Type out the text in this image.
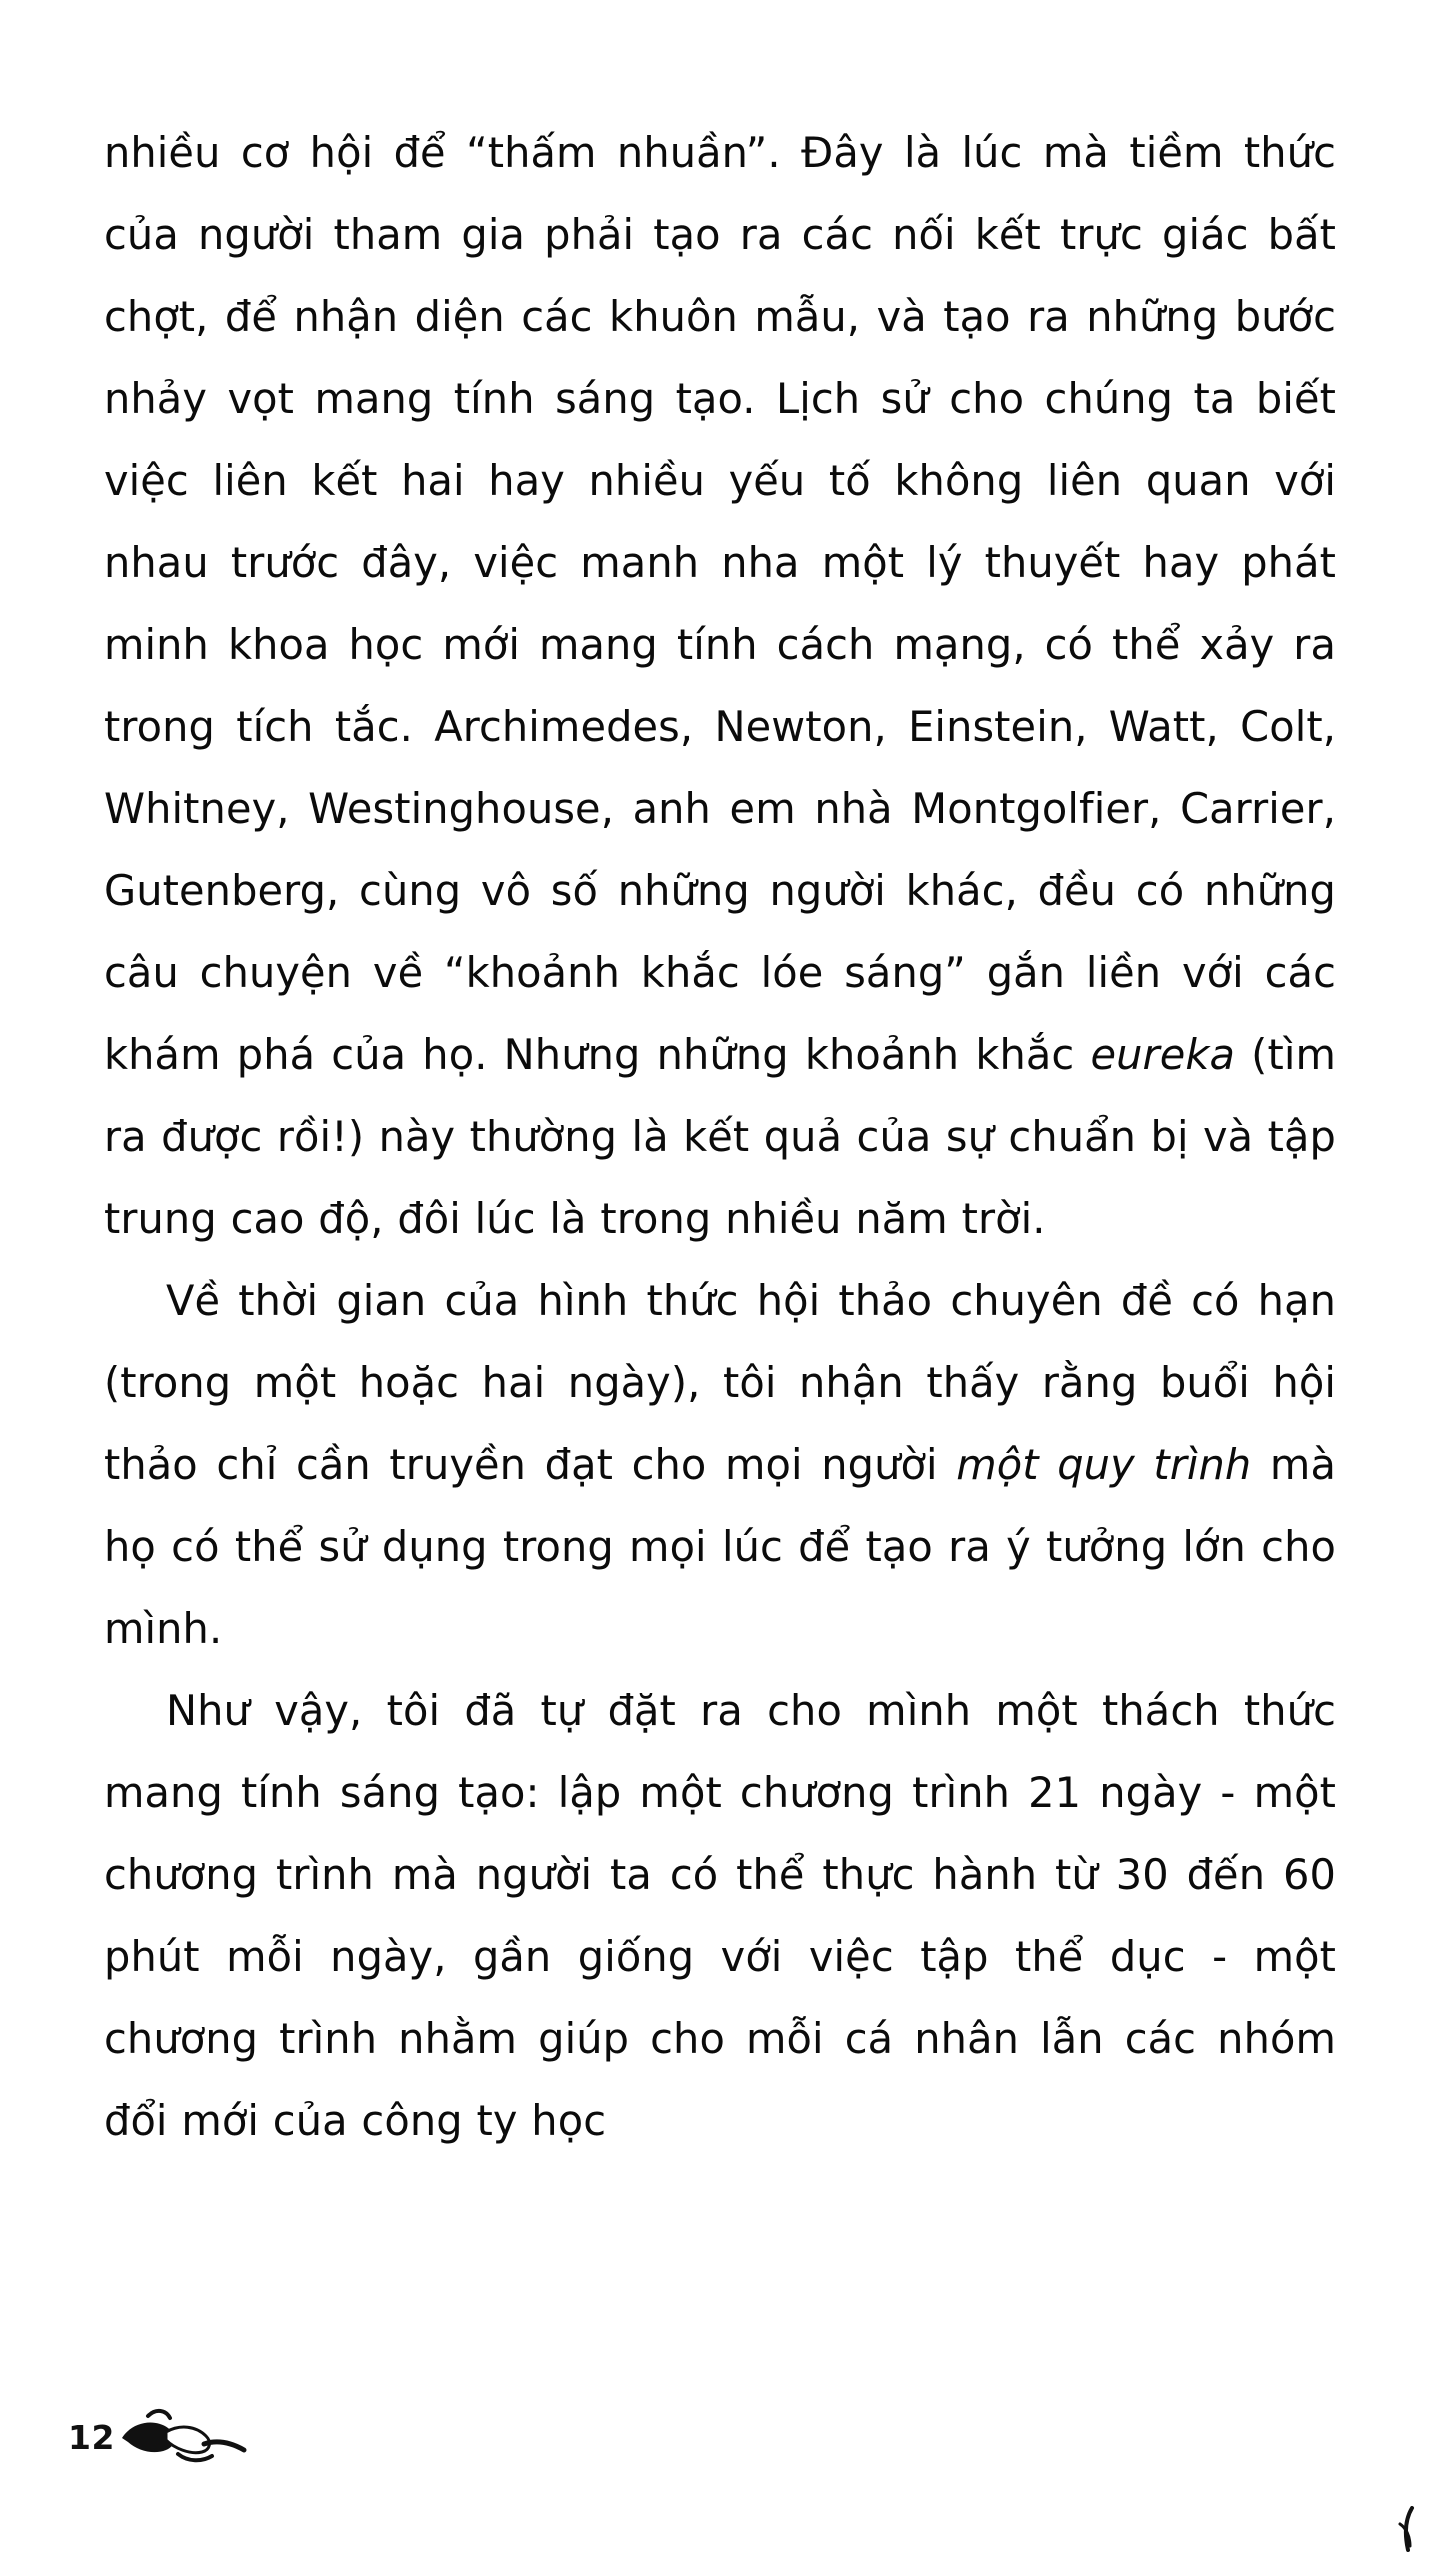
nhiều cơ hội để “thấm nhuần”. Đây là lúc mà tiềm thức của người tham gia phải tạo ra các nối kết trực giác bất chợt, để nhận diện các khuôn mẫu, và tạo ra những bước nhảy vọt mang tính sáng tạo. Lịch sử cho chúng ta biết việc liên kết hai hay nhiều yếu tố không liên quan với nhau trước đây, việc manh nha một lý thuyết hay phát minh khoa học mới mang tính cách mạng, có thể xảy ra trong tích tắc. Archimedes, Newton, Einstein, Watt, Colt, Whitney, Westinghouse, anh em nhà Montgolfier, Carrier, Gutenberg, cùng vô số những người khác, đều có những câu chuyện về “khoảnh khắc lóe sáng” gắn liền với các khám phá của họ. Nhưng những khoảnh khắc eureka (tìm ra được rồi!) này thường là kết quả của sự chuẩn bị và tập trung cao độ, đôi lúc là trong nhiều năm trời.

Về thời gian của hình thức hội thảo chuyên đề có hạn (trong một hoặc hai ngày), tôi nhận thấy rằng buổi hội thảo chỉ cần truyền đạt cho mọi người một quy trình mà họ có thể sử dụng trong mọi lúc để tạo ra ý tưởng lớn cho mình.

Như vậy, tôi đã tự đặt ra cho mình một thách thức mang tính sáng tạo: lập một chương trình 21 ngày - một chương trình mà người ta có thể thực hành từ 30 đến 60 phút mỗi ngày, gần giống với việc tập thể dục - một chương trình nhằm giúp cho mỗi cá nhân lẫn các nhóm đổi mới của công ty học

12
